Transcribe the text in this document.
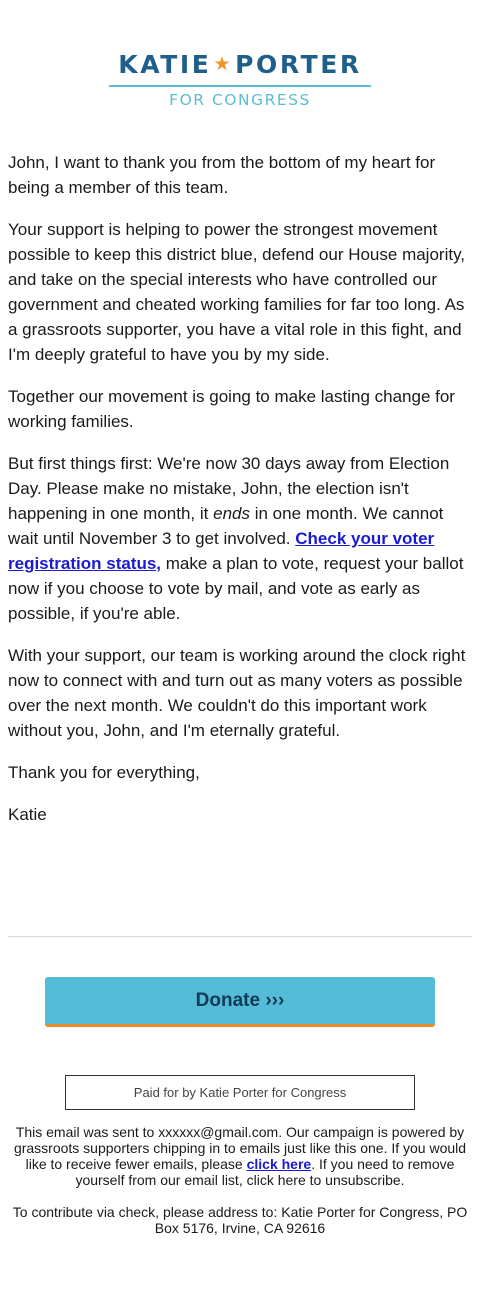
KATIE ★PORTER
FOR CONGRESS

John, I want to thank you from the bottom of my heart for being a member of this team.

Your support is helping to power the strongest movement possible to keep this district blue, defend our House majority, and take on the special interests who have controlled our government and cheated working families for far too long. As a grassroots supporter, you have a vital role in this fight, and I'm deeply grateful to have you by my side.

Together our movement is going to make lasting change for working families.

But first things first: We're now 30 days away from Election Day. Please make no mistake, John, the election isn't happening in one month, it ends in one month. We cannot wait until November 3 to get involved. Check your voter registration status, make a plan to vote, request your ballot now if you choose to vote by mail, and vote as early as possible, if you're able.

With your support, our team is working around the clock right now to connect with and turn out as many voters as possible over the next month. We couldn't do this important work without you, John, and I'm eternally grateful.

Thank you for everything,

Katie

Donate ›››
Paid for by Katie Porter for Congress

This email was sent to xxxxxx@gmail.com. Our campaign is powered by grassroots supporters chipping in to emails just like this one. If you would like to receive fewer emails, please click here. If you need to remove yourself from our email list, click here to unsubscribe.

To contribute via check, please address to: Katie Porter for Congress, PO Box 5176, Irvine, CA 92616
